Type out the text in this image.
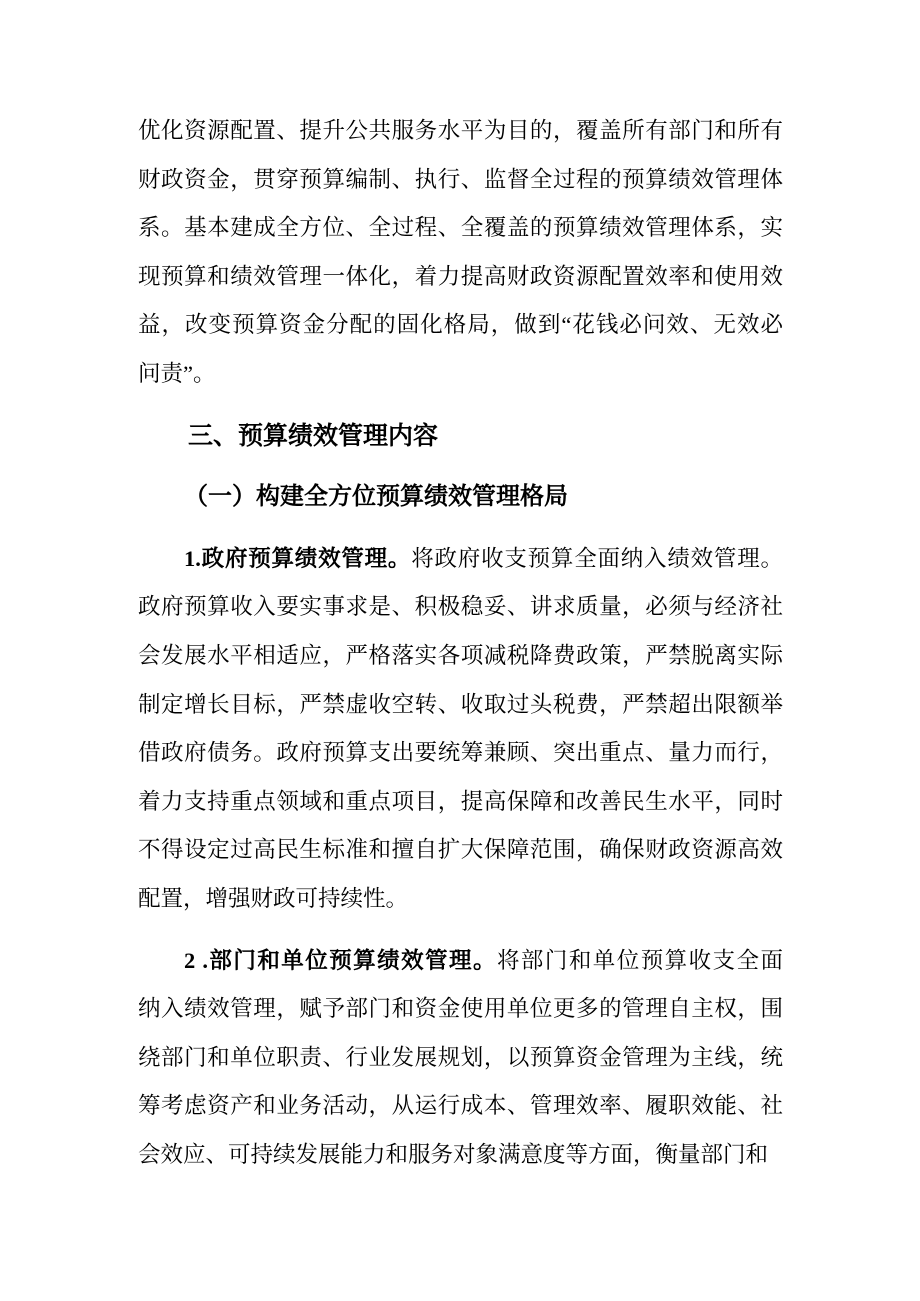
优化资源配置、提升公共服务水平为目的，覆盖所有部门和所有
财政资金，贯穿预算编制、执行、监督全过程的预算绩效管理体
系。基本建成全方位、全过程、全覆盖的预算绩效管理体系，实
现预算和绩效管理一体化，着力提高财政资源配置效率和使用效
益，改变预算资金分配的固化格局，做到“花钱必问效、无效必
问责”。
三、预算绩效管理内容
（一）构建全方位预算绩效管理格局
1.政府预算绩效管理。将政府收支预算全面纳入绩效管理。
政府预算收入要实事求是、积极稳妥、讲求质量，必须与经济社
会发展水平相适应，严格落实各项减税降费政策，严禁脱离实际
制定增长目标，严禁虚收空转、收取过头税费，严禁超出限额举
借政府债务。政府预算支出要统筹兼顾、突出重点、量力而行，
着力支持重点领域和重点项目，提高保障和改善民生水平，同时
不得设定过高民生标准和擅自扩大保障范围，确保财政资源高效
配置，增强财政可持续性。
2 .部门和单位预算绩效管理。将部门和单位预算收支全面
纳入绩效管理，赋予部门和资金使用单位更多的管理自主权，围
绕部门和单位职责、行业发展规划，以预算资金管理为主线，统
筹考虑资产和业务活动，从运行成本、管理效率、履职效能、社
会效应、可持续发展能力和服务对象满意度等方面，衡量部门和
